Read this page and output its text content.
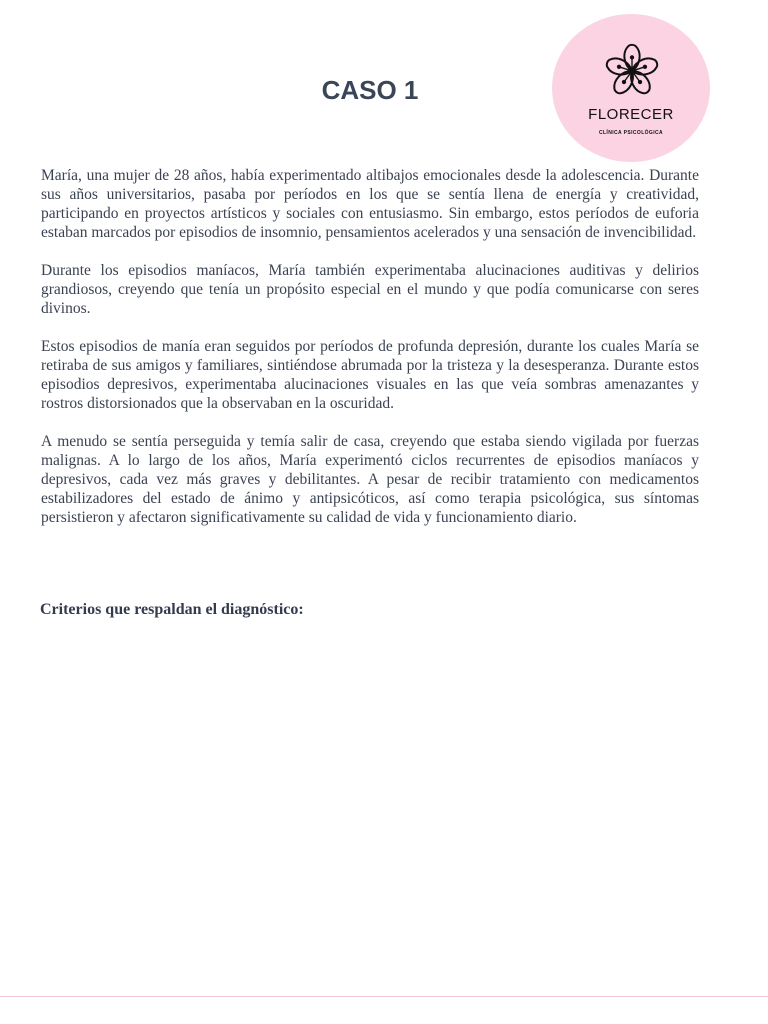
FLORECER
CLÍNICA PSICOLÓGICA
CASO 1

María, una mujer de 28 años, había experimentado altibajos emocionales desde la adolescencia. Durante sus años universitarios, pasaba por períodos en los que se sentía llena de energía y creatividad, participando en proyectos artísticos y sociales con entusiasmo. Sin embargo, estos períodos de euforia estaban marcados por episodios de insomnio, pensamientos acelerados y una sensación de invencibilidad.

Durante los episodios maníacos, María también experimentaba alucinaciones auditivas y delirios grandiosos, creyendo que tenía un propósito especial en el mundo y que podía comunicarse con seres divinos.

Estos episodios de manía eran seguidos por períodos de profunda depresión, durante los cuales María se retiraba de sus amigos y familiares, sintiéndose abrumada por la tristeza y la desesperanza. Durante estos episodios depresivos, experimentaba alucinaciones visuales en las que veía sombras amenazantes y rostros distorsionados que la observaban en la oscuridad.

A menudo se sentía perseguida y temía salir de casa, creyendo que estaba siendo vigilada por fuerzas malignas. A lo largo de los años, María experimentó ciclos recurrentes de episodios maníacos y depresivos, cada vez más graves y debilitantes. A pesar de recibir tratamiento con medicamentos estabilizadores del estado de ánimo y antipsicóticos, así como terapia psicológica, sus síntomas persistieron y afectaron significativamente su calidad de vida y funcionamiento diario.

Criterios que respaldan el diagnóstico:
